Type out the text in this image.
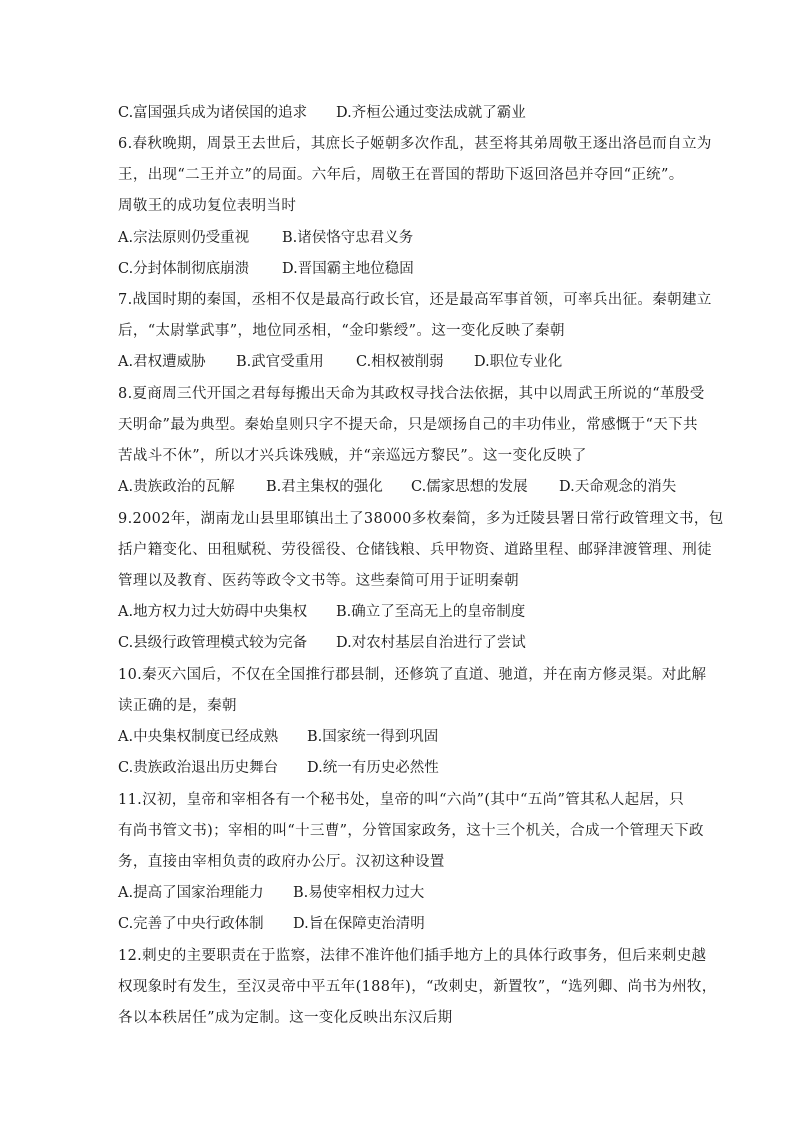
C.富国强兵成为诸侯国的追求	D.齐桓公通过变法成就了霸业
6.春秋晚期，周景王去世后，其庶长子姬朝多次作乱，甚至将其弟周敬王逐出洛邑而自立为
王，出现“二王并立”的局面。六年后，周敬王在晋国的帮助下返回洛邑并夺回“正统”。
周敬王的成功复位表明当时
A.宗法原则仍受重视	B.诸侯恪守忠君义务
C.分封体制彻底崩溃	D.晋国霸主地位稳固
7.战国时期的秦国，丞相不仅是最高行政长官，还是最高军事首领，可率兵出征。秦朝建立
后，“太尉掌武事”，地位同丞相，“金印紫绶”。这一变化反映了秦朝
A.君权遭威胁	B.武官受重用	C.相权被削弱	D.职位专业化
8.夏商周三代开国之君每每搬出天命为其政权寻找合法依据，其中以周武王所说的“革殷受
天明命”最为典型。秦始皇则只字不提天命，只是颂扬自己的丰功伟业，常感慨于“天下共
苦战斗不休”，所以才兴兵诛残贼，并“亲巡远方黎民”。这一变化反映了
A.贵族政治的瓦解	B.君主集权的强化	C.儒家思想的发展	D.天命观念的消失
9.2002年，湖南龙山县里耶镇出土了38000多枚秦简，多为迁陵县署日常行政管理文书，包
括户籍变化、田租赋税、劳役徭役、仓储钱粮、兵甲物资、道路里程、邮驿津渡管理、刑徒
管理以及教育、医药等政令文书等。这些秦简可用于证明秦朝
A.地方权力过大妨碍中央集权	B.确立了至高无上的皇帝制度
C.县级行政管理模式较为完备	D.对农村基层自治进行了尝试
10.秦灭六国后，不仅在全国推行郡县制，还修筑了直道、驰道，并在南方修灵渠。对此解
读正确的是，秦朝
A.中央集权制度已经成熟	B.国家统一得到巩固
C.贵族政治退出历史舞台	D.统一有历史必然性
11.汉初，皇帝和宰相各有一个秘书处，皇帝的叫“六尚”(其中“五尚”管其私人起居，只
有尚书管文书)；宰相的叫“十三曹”，分管国家政务，这十三个机关，合成一个管理天下政
务，直接由宰相负责的政府办公厅。汉初这种设置
A.提高了国家治理能力	B.易使宰相权力过大
C.完善了中央行政体制	D.旨在保障吏治清明
12.刺史的主要职责在于监察，法律不准许他们插手地方上的具体行政事务，但后来刺史越
权现象时有发生，至汉灵帝中平五年(188年)，“改刺史，新置牧”，“选列卿、尚书为州牧，
各以本秩居任”成为定制。这一变化反映出东汉后期
